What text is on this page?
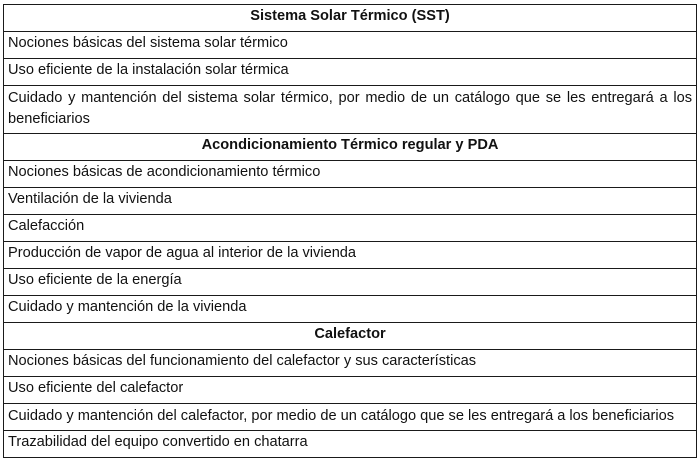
Sistema Solar Térmico (SST)
Nociones básicas del sistema solar térmico
Uso eficiente de la instalación solar térmica
Cuidado y mantención del sistema solar térmico, por medio de un catálogo que se les entregará a los beneficiarios
Acondicionamiento Térmico regular y PDA
Nociones básicas de acondicionamiento térmico
Ventilación de la vivienda
Calefacción
Producción de vapor de agua al interior de la vivienda
Uso eficiente de la energía
Cuidado y mantención de la vivienda
Calefactor
Nociones básicas del funcionamiento del calefactor y sus características
Uso eficiente del calefactor
Cuidado y mantención del calefactor, por medio de un catálogo que se les entregará a los beneficiarios
Trazabilidad del equipo convertido en chatarra
